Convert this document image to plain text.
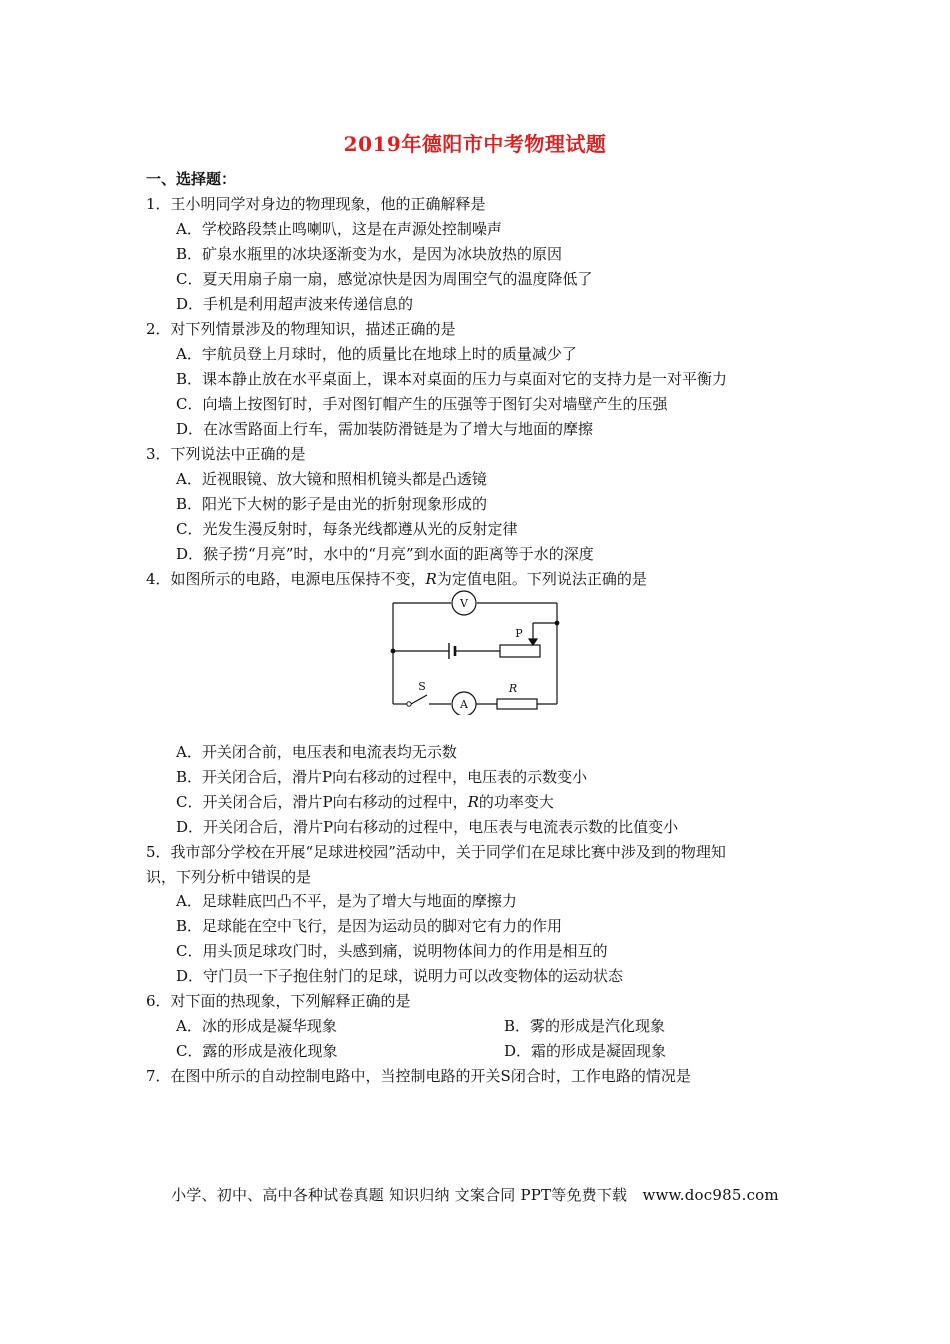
2019年德阳市中考物理试题
一、选择题：
1．王小明同学对身边的物理现象，他的正确解释是
A．学校路段禁止鸣喇叭，这是在声源处控制噪声
B．矿泉水瓶里的冰块逐渐变为水，是因为冰块放热的原因
C．夏天用扇子扇一扇，感觉凉快是因为周围空气的温度降低了
D．手机是利用超声波来传递信息的
2．对下列情景涉及的物理知识，描述正确的是
A．宇航员登上月球时，他的质量比在地球上时的质量减少了
B．课本静止放在水平桌面上，课本对桌面的压力与桌面对它的支持力是一对平衡力
C．向墙上按图钉时，手对图钉帽产生的压强等于图钉尖对墙壁产生的压强
D．在冰雪路面上行车，需加装防滑链是为了增大与地面的摩擦
3．下列说法中正确的是
A．近视眼镜、放大镜和照相机镜头都是凸透镜
B．阳光下大树的影子是由光的折射现象形成的
C．光发生漫反射时，每条光线都遵从光的反射定律
D．猴子捞“月亮”时，水中的“月亮”到水面的距离等于水的深度
4．如图所示的电路，电源电压保持不变，R为定值电阻。下列说法正确的是
V
A
P
S	R
A．开关闭合前，电压表和电流表均无示数
B．开关闭合后，滑片P向右移动的过程中，电压表的示数变小
C．开关闭合后，滑片P向右移动的过程中，R的功率变大
D．开关闭合后，滑片P向右移动的过程中，电压表与电流表示数的比值变小
5．我市部分学校在开展“足球进校园”活动中，关于同学们在足球比赛中涉及到的物理知
识，下列分析中错误的是
A．足球鞋底凹凸不平，是为了增大与地面的摩擦力
B．足球能在空中飞行，是因为运动员的脚对它有力的作用
C．用头顶足球攻门时，头感到痛，说明物体间力的作用是相互的
D．守门员一下子抱住射门的足球，说明力可以改变物体的运动状态
6．对下面的热现象，下列解释正确的是
A．冰的形成是凝华现象	B．雾的形成是汽化现象
C．露的形成是液化现象	D．霜的形成是凝固现象
7．在图中所示的自动控制电路中，当控制电路的开关S闭合时，工作电路的情况是
小学、初中、高中各种试卷真题 知识归纳 文案合同 PPT等免费下载　www.doc985.com
